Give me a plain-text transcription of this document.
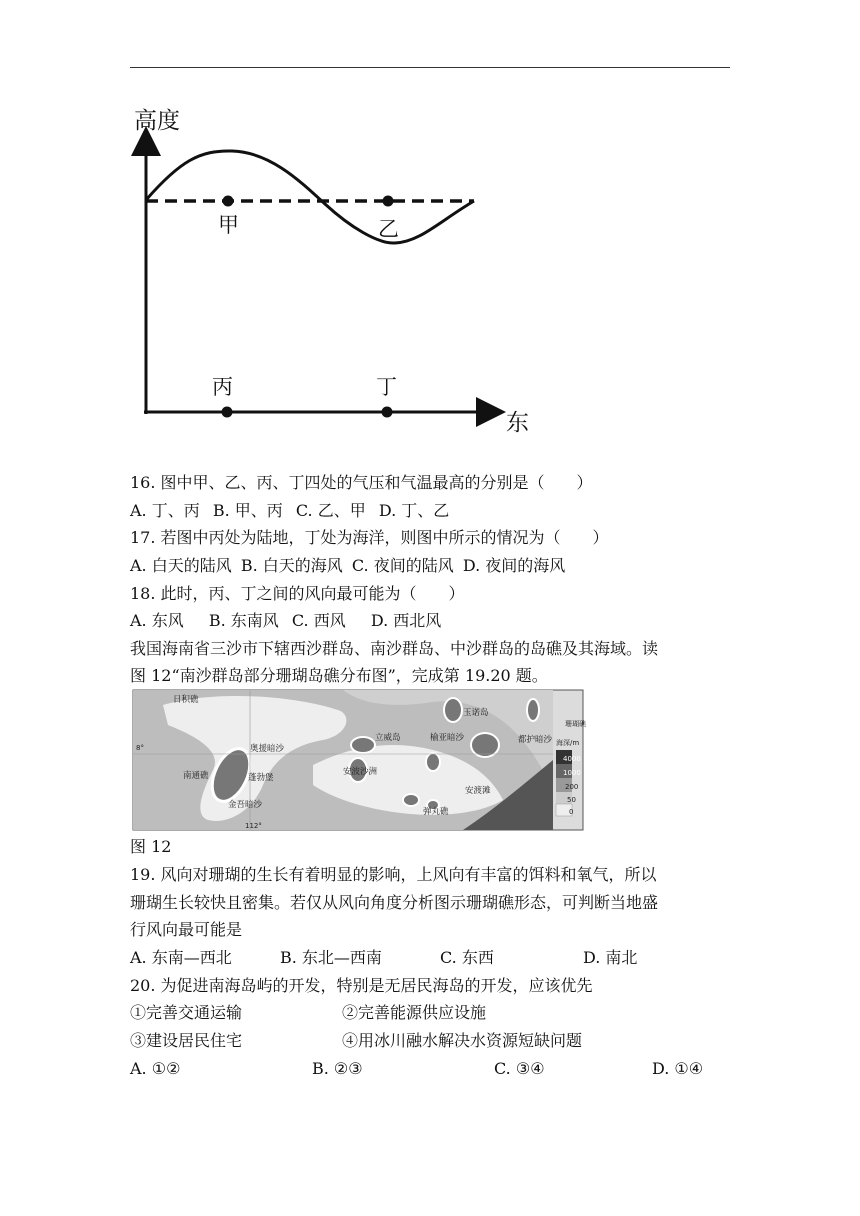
高度
东
甲	乙
丙	丁
16. 图中甲、乙、丙、丁四处的气压和气温最高的分别是（　　）
A. 丁、丙 B. 甲、丙 C. 乙、甲 D. 丁、乙
17. 若图中丙处为陆地，丁处为海洋，则图中所示的情况为（　　）
A. 白天的陆风 B. 白天的海风 C. 夜间的陆风 D. 夜间的海风
18. 此时，丙、丁之间的风向最可能为（　　）
A. 东风 B. 东南风 C. 西风 D. 西北风
我国海南省三沙市下辖西沙群岛、南沙群岛、中沙群岛的岛礁及其海域。读
图 12“南沙群岛部分珊瑚岛礁分布图”，完成第 19.20 题。
日积礁
玉诺岛
珊瑚礁
立威岛	榆亚暗沙	都护暗沙
奥援暗沙
南通礁	蓬勃堡
安波沙洲
安渡滩
金吾暗沙
弹丸礁
海深/m
8°
112°
4000
1000
200
50
0
图 12
19. 风向对珊瑚的生长有着明显的影响，上风向有丰富的饵料和氧气，所以
珊瑚生长较快且密集。若仅从风向角度分析图示珊瑚礁形态，可判断当地盛
行风向最可能是
A. 东南—西北	B. 东北—西南	C. 东西	D. 南北
20. 为促进南海岛屿的开发，特别是无居民海岛的开发，应该优先
①完善交通运输	②完善能源供应设施
③建设居民住宅	④用冰川融水解决水资源短缺问题
A. ①②	B. ②③	C. ③④	D. ①④
